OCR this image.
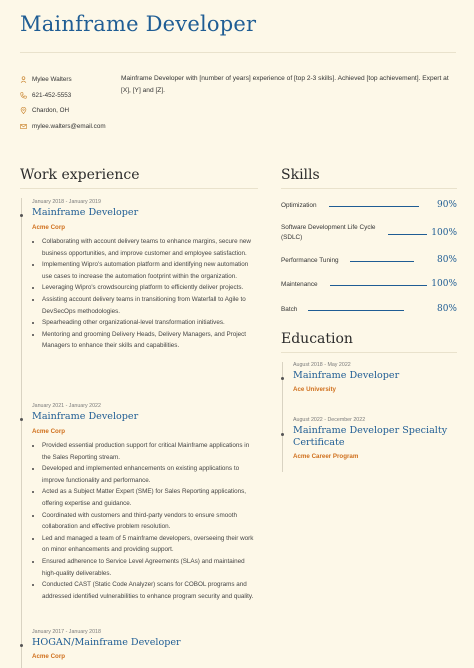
Mainframe Developer
Mylee Walters
621-452-5553
Chardon, OH
mylee.walters@email.com
Mainframe Developer with [number of years] experience of [top 2-3 skills]. Achieved [top achievement]. Expert at [X], [Y] and [Z].
Work experience
January 2018 - January 2019
Mainframe Developer
Acme Corp
• Collaborating with account delivery teams to enhance margins, secure new business opportunities, and improve customer and employee satisfaction.
• Implementing Wipro's automation platform and identifying new automation use cases to increase the automation footprint within the organization.
• Leveraging Wipro's crowdsourcing platform to efficiently deliver projects.
• Assisting account delivery teams in transitioning from Waterfall to Agile to DevSecOps methodologies.
• Spearheading other organizational-level transformation initiatives.
• Mentoring and grooming Delivery Heads, Delivery Managers, and Project Managers to enhance their skills and capabilities.
January 2021 - January 2022
Mainframe Developer
Acme Corp
• Provided essential production support for critical Mainframe applications in the Sales Reporting stream.
• Developed and implemented enhancements on existing applications to improve functionality and performance.
• Acted as a Subject Matter Expert (SME) for Sales Reporting applications, offering expertise and guidance.
• Coordinated with customers and third-party vendors to ensure smooth collaboration and effective problem resolution.
• Led and managed a team of 5 mainframe developers, overseeing their work on minor enhancements and providing support.
• Ensured adherence to Service Level Agreements (SLAs) and maintained high-quality deliverables.
• Conducted CAST (Static Code Analyzer) scans for COBOL programs and addressed identified vulnerabilities to enhance program security and quality.
January 2017 - January 2018
HOGAN/Mainframe Developer
Acme Corp
Skills
Optimization	90%
Software Development Life Cycle (SDLC)	100%
Performance Tuning	80%
Maintenance	100%
Batch	80%
Education
August 2018 - May 2022
Mainframe Developer
Ace University
August 2022 - December 2022
Mainframe Developer Specialty Certificate
Acme Career Program
